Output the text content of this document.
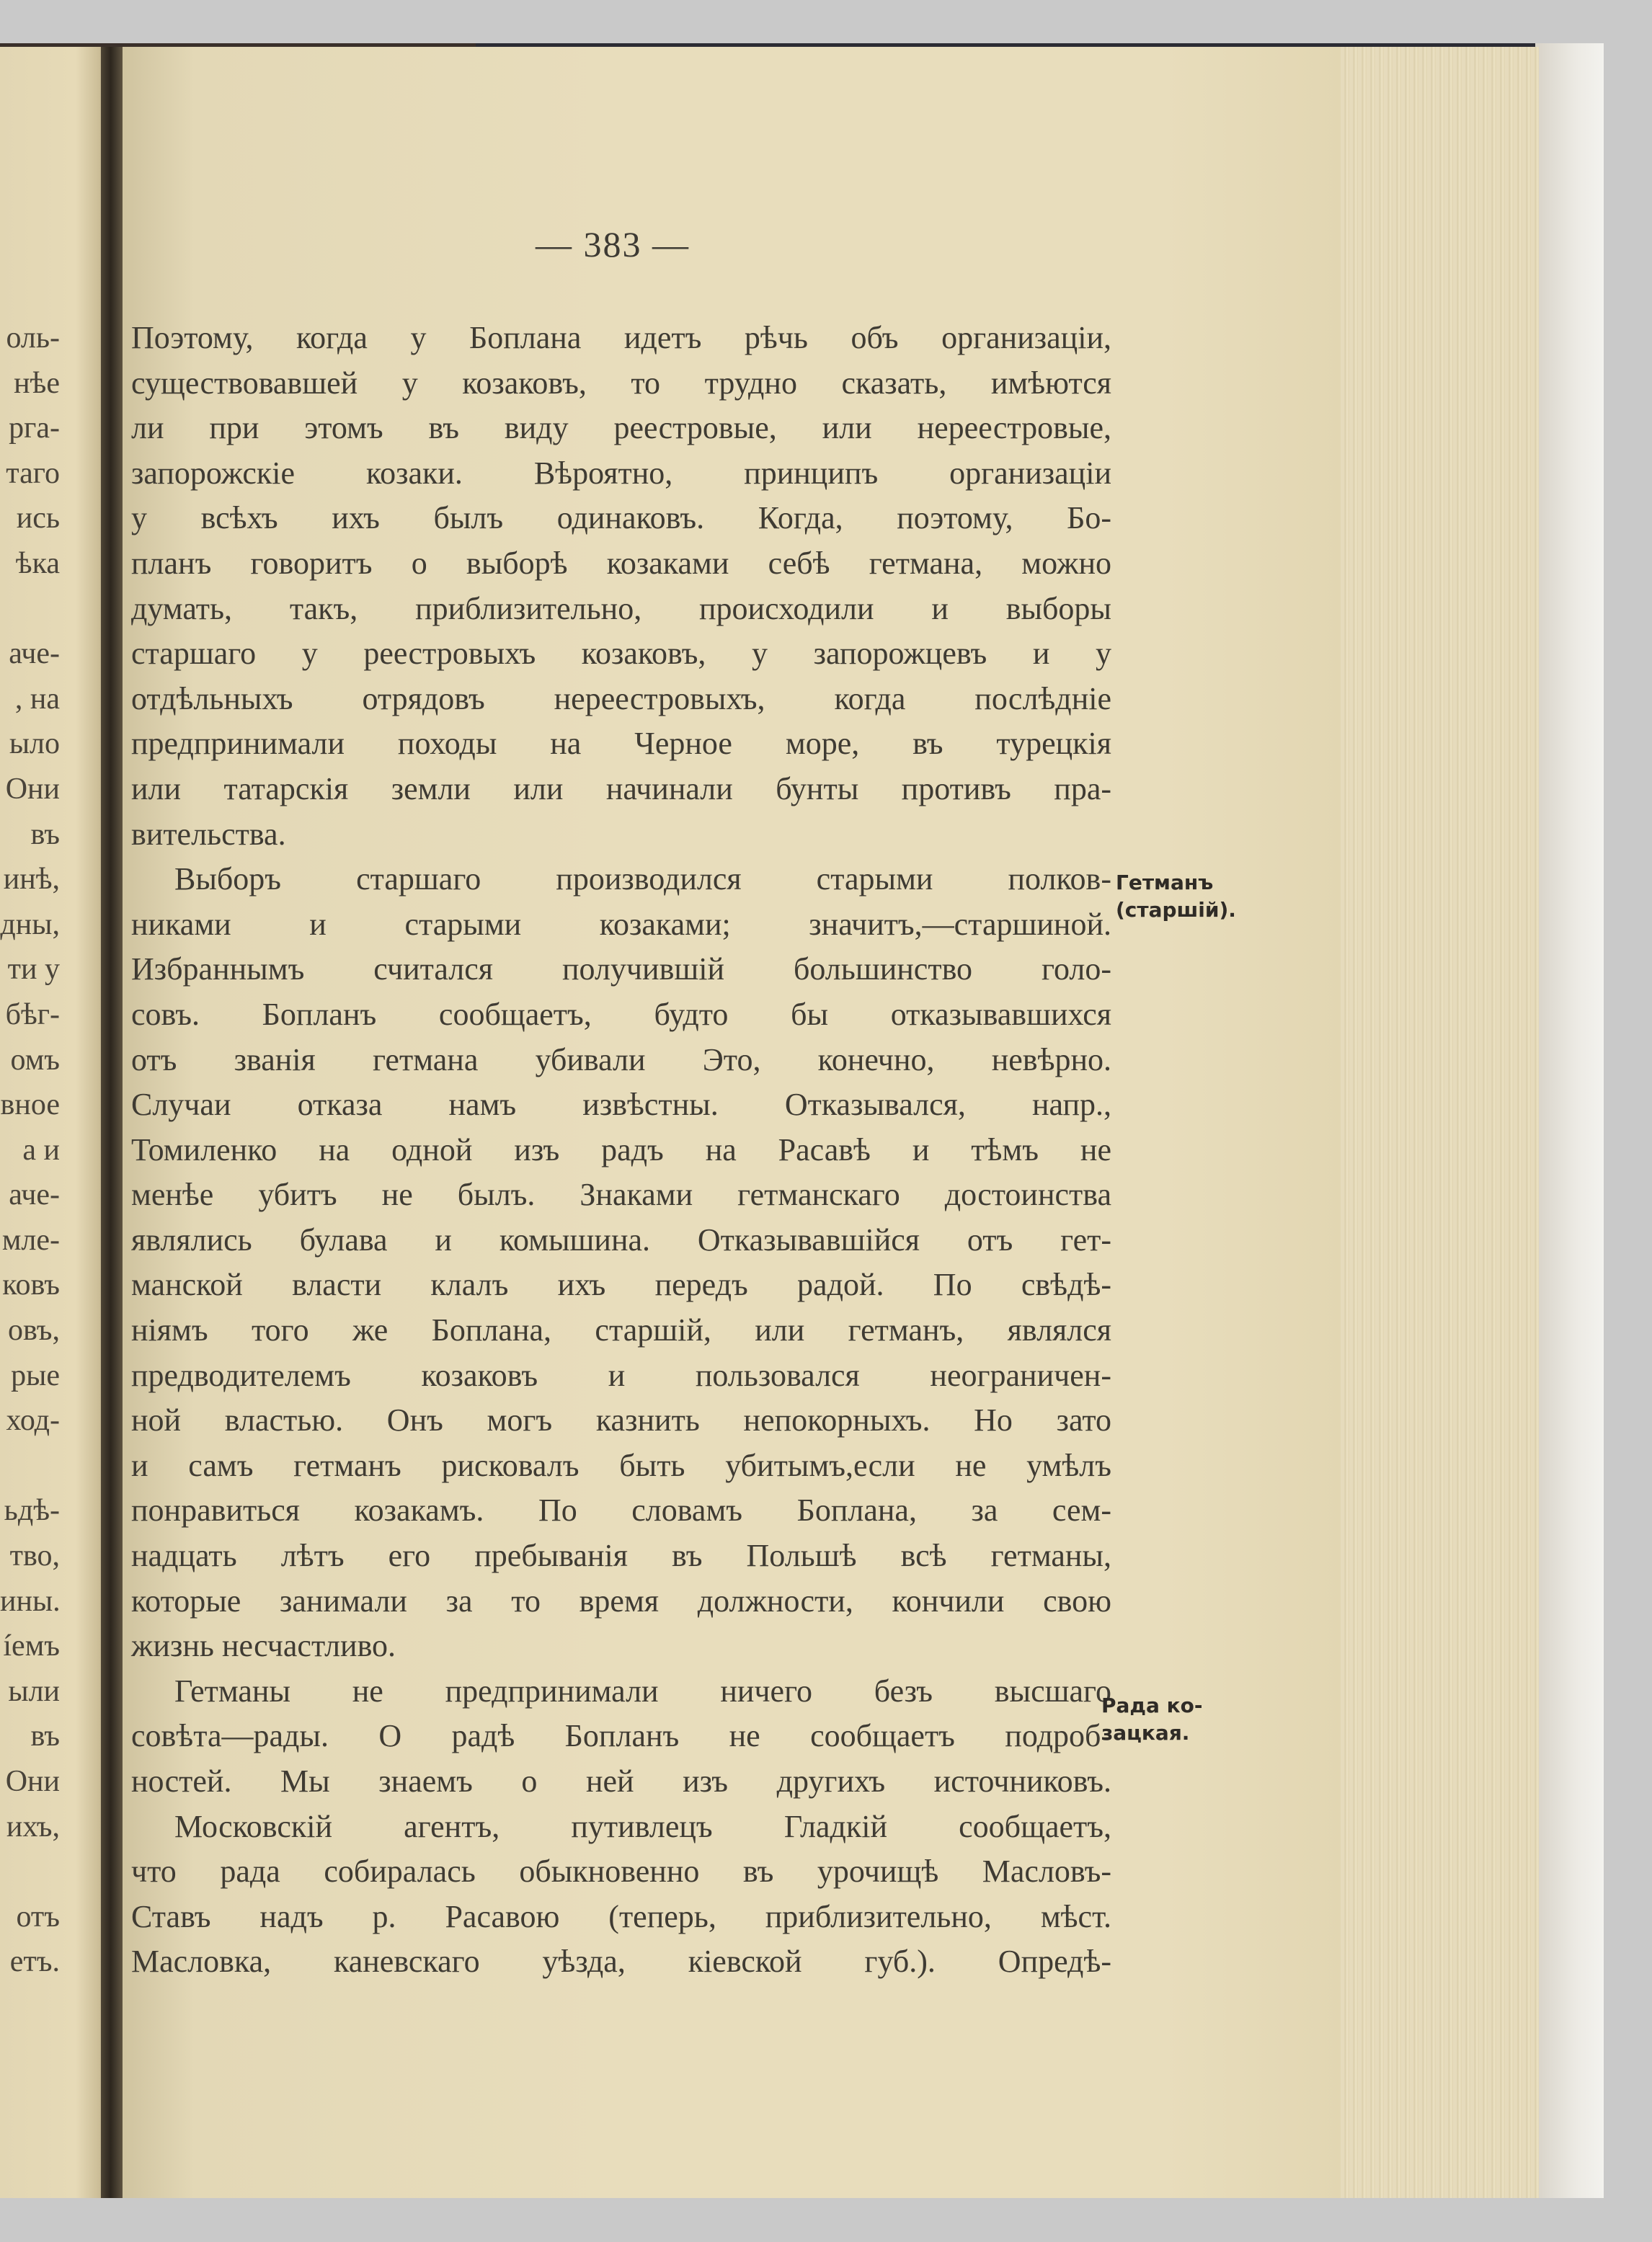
оль-
нѣе
рга-
таго
ись
ѣка
аче-
, на
ыло
Они
въ
инѣ,
дны,
ти у
бѣг-
омъ
вное
а и
аче-
мле-
ковъ
овъ,
рые
ход-
ьдѣ-
тво,
ины.
íемъ
ыли
въ
Они
ихъ,
отъ
етъ.
— 383 —
Поэтому, когда у Боплана идетъ рѣчь объ организаціи,
существовавшей у козаковъ, то трудно сказать, имѣются
ли при этомъ въ виду реестровые, или нереестровые,
запорожскіе козаки. Вѣроятно, принципъ организаціи
у всѣхъ ихъ былъ одинаковъ. Когда, поэтому, Бо-
планъ говоритъ о выборѣ козаками себѣ гетмана, можно
думать, такъ, приблизительно, происходили и выборы
старшаго у реестровыхъ козаковъ, у запорожцевъ и у
отдѣльныхъ отрядовъ нереестровыхъ, когда послѣдніе
предпринимали походы на Черное море, въ турецкія
или татарскія земли или начинали бунты противъ пра-
вительства.
Выборъ старшаго производился старыми полков-
никами и старыми козаками; значитъ,—старшиной.
Избраннымъ считался получившій большинство голо-
совъ. Бопланъ сообщаетъ, будто бы отказывавшихся
отъ званія гетмана убивали Это, конечно, невѣрно.
Случаи отказа намъ извѣстны. Отказывался, напр.,
Томиленко на одной изъ радъ на Расавѣ и тѣмъ не
менѣе убитъ не былъ. Знаками гетманскаго достоинства
являлись булава и комышина. Отказывавшійся отъ гет-
манской власти клалъ ихъ передъ радой. По свѣдѣ-
ніямъ того же Боплана, старшій, или гетманъ, являлся
предводителемъ козаковъ и пользовался неограничен-
ной властью. Онъ могъ казнить непокорныхъ. Но зато
и самъ гетманъ рисковалъ быть убитымъ,если не умѣлъ
понравиться козакамъ. По словамъ Боплана, за сем-
надцать лѣтъ его пребыванія въ Польшѣ всѣ гетманы,
которые занимали за то время должности, кончили свою
жизнь несчастливо.
Гетманы не предпринимали ничего безъ высшаго
совѣта—рады. О радѣ Бопланъ не сообщаетъ подроб-
ностей. Мы знаемъ о ней изъ другихъ источниковъ.
Московскій агентъ, путивлецъ Гладкій сообщаетъ,
что рада собиралась обыкновенно въ урочищѣ Масловъ-
Ставъ надъ р. Расавою (теперь, приблизительно, мѣст.
Масловка, каневскаго уѣзда, кіевской губ.). Опредѣ-
Гетманъ
(старшій).
Рада ко-
зацкая.
